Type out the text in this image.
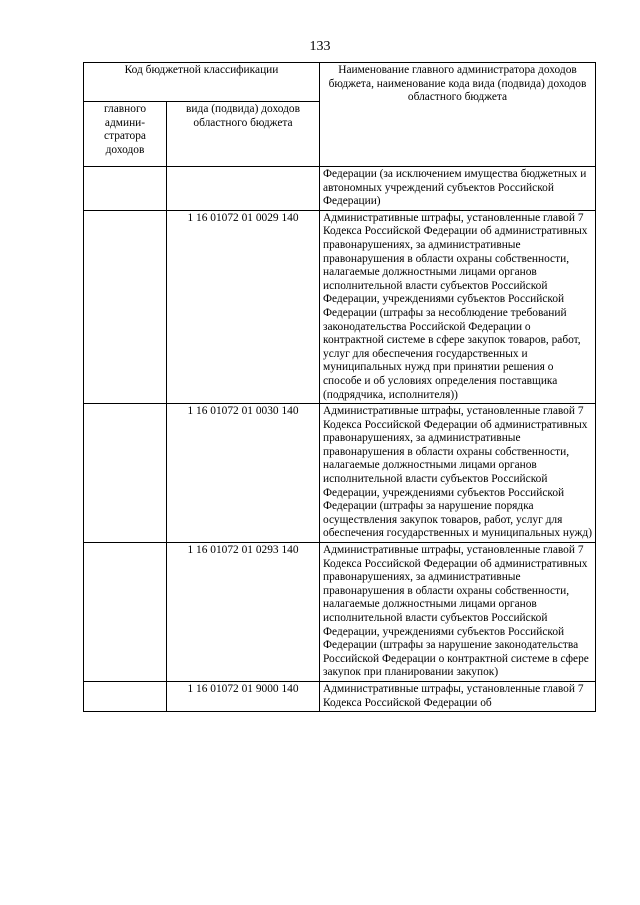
133
Код бюджетной классификации		Наименование главного администратора доходов бюджета, наименование кода вида (подвида) доходов областного бюджета
главного админи-стратора доходов	вида (подвида) доходов областного бюджета	
		Федерации (за исключением имущества бюджетных и автономных учреждений субъектов Российской Федерации)
	1 16 01072 01 0029 140	Административные штрафы, установленные главой 7 Кодекса Российской Федерации об административных правонарушениях, за административные правонарушения в области охраны собственности, налагаемые должностными лицами органов исполнительной власти субъектов Российской Федерации, учреждениями субъектов Российской Федерации (штрафы за несоблюдение требований законодательства Российской Федерации о контрактной системе в сфере закупок товаров, работ, услуг для обеспечения государственных и муниципальных нужд при принятии решения о способе и об условиях определения поставщика (подрядчика, исполнителя))
	1 16 01072 01 0030 140	Административные штрафы, установленные главой 7 Кодекса Российской Федерации об административных правонарушениях, за административные правонарушения в области охраны собственности, налагаемые должностными лицами органов исполнительной власти субъектов Российской Федерации, учреждениями субъектов Российской Федерации (штрафы за нарушение порядка осуществления закупок товаров, работ, услуг для обеспечения государственных и муниципальных нужд)
	1 16 01072 01 0293 140	Административные штрафы, установленные главой 7 Кодекса Российской Федерации об административных правонарушениях, за административные правонарушения в области охраны собственности, налагаемые должностными лицами органов исполнительной власти субъектов Российской Федерации, учреждениями субъектов Российской Федерации (штрафы за нарушение законодательства Российской Федерации о контрактной системе в сфере закупок при планировании закупок)
	1 16 01072 01 9000 140	Административные штрафы, установленные главой 7 Кодекса Российской Федерации об
